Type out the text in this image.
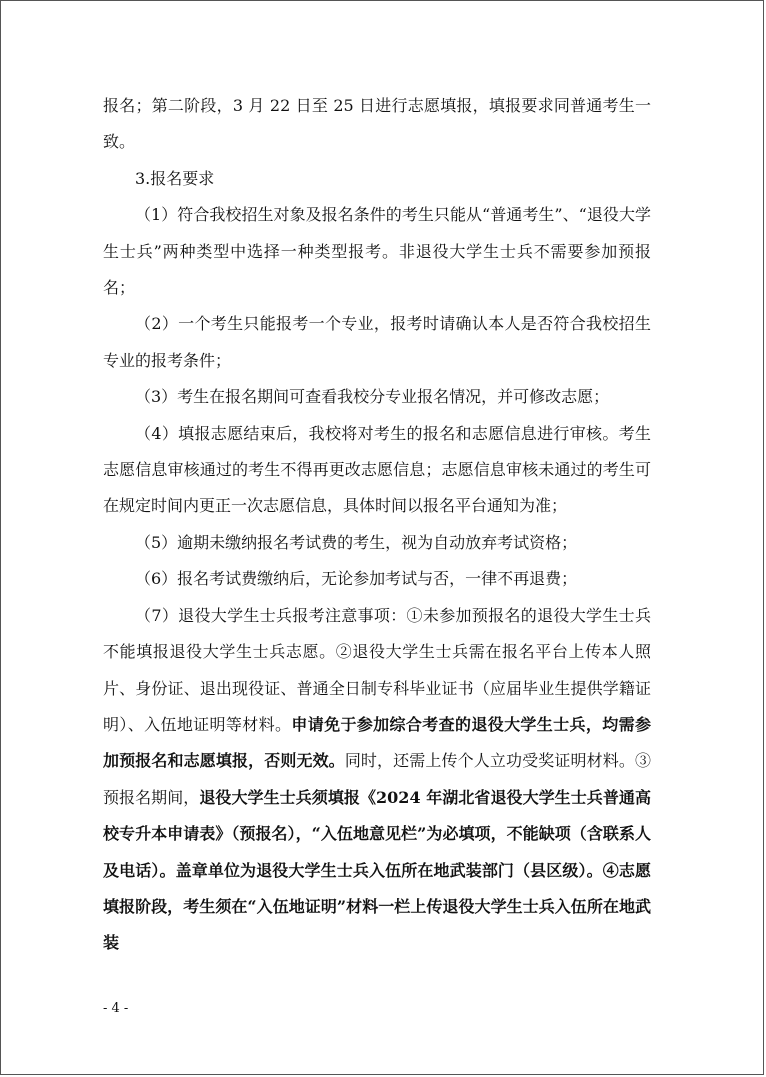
报名；第二阶段，3 月 22 日至 25 日进行志愿填报，填报要求同普通考生一致。

3.报名要求

（1）符合我校招生对象及报名条件的考生只能从“普通考生”、“退役大学生士兵”两种类型中选择一种类型报考。非退役大学生士兵不需要参加预报名；

（2）一个考生只能报考一个专业，报考时请确认本人是否符合我校招生专业的报考条件；

（3）考生在报名期间可查看我校分专业报名情况，并可修改志愿；

（4）填报志愿结束后，我校将对考生的报名和志愿信息进行审核。考生志愿信息审核通过的考生不得再更改志愿信息；志愿信息审核未通过的考生可在规定时间内更正一次志愿信息，具体时间以报名平台通知为准；

（5）逾期未缴纳报名考试费的考生，视为自动放弃考试资格；

（6）报名考试费缴纳后，无论参加考试与否，一律不再退费；

（7）退役大学生士兵报考注意事项：①未参加预报名的退役大学生士兵不能填报退役大学生士兵志愿。②退役大学生士兵需在报名平台上传本人照片、身份证、退出现役证、普通全日制专科毕业证书（应届毕业生提供学籍证明）、入伍地证明等材料。申请免于参加综合考查的退役大学生士兵，均需参加预报名和志愿填报，否则无效。同时，还需上传个人立功受奖证明材料。③预报名期间，退役大学生士兵须填报《2024 年湖北省退役大学生士兵普通高校专升本申请表》（预报名），“入伍地意见栏”为必填项，不能缺项（含联系人及电话）。盖章单位为退役大学生士兵入伍所在地武装部门（县区级）。④志愿填报阶段，考生须在“入伍地证明”材料一栏上传退役大学生士兵入伍所在地武装

- 4 -
